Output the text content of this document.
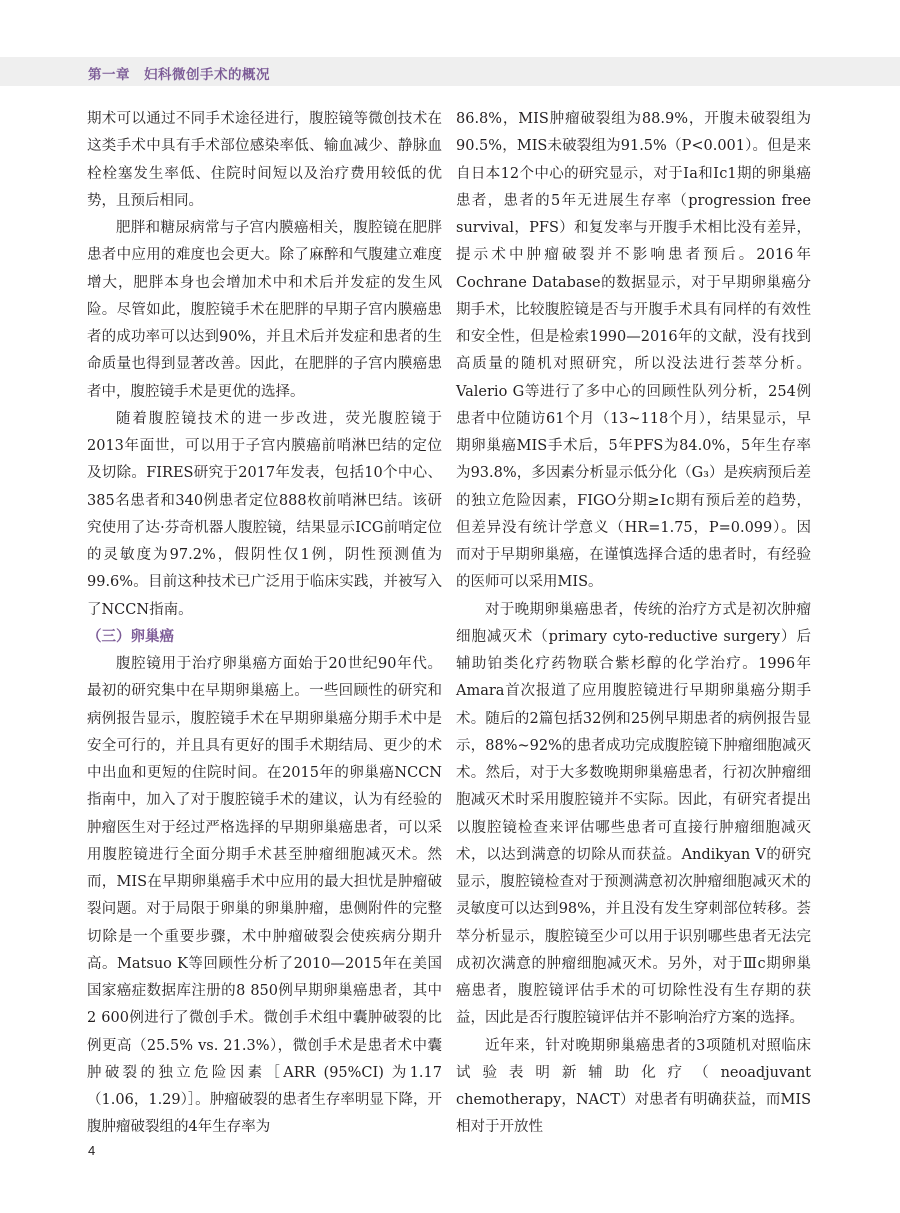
第一章　妇科微创手术的概况

期术可以通过不同手术途径进行，腹腔镜等微创技术在这类手术中具有手术部位感染率低、输血减少、静脉血栓栓塞发生率低、住院时间短以及治疗费用较低的优势，且预后相同。

肥胖和糖尿病常与子宫内膜癌相关，腹腔镜在肥胖患者中应用的难度也会更大。除了麻醉和气腹建立难度增大，肥胖本身也会增加术中和术后并发症的发生风险。尽管如此，腹腔镜手术在肥胖的早期子宫内膜癌患者的成功率可以达到90%，并且术后并发症和患者的生命质量也得到显著改善。因此，在肥胖的子宫内膜癌患者中，腹腔镜手术是更优的选择。

随着腹腔镜技术的进一步改进，荧光腹腔镜于2013年面世，可以用于子宫内膜癌前哨淋巴结的定位及切除。FIRES研究于2017年发表，包括10个中心、385名患者和340例患者定位888枚前哨淋巴结。该研究使用了达·芬奇机器人腹腔镜，结果显示ICG前哨定位的灵敏度为97.2%，假阴性仅1例，阴性预测值为99.6%。目前这种技术已广泛用于临床实践，并被写入了NCCN指南。

（三）卵巢癌

腹腔镜用于治疗卵巢癌方面始于20世纪90年代。最初的研究集中在早期卵巢癌上。一些回顾性的研究和病例报告显示，腹腔镜手术在早期卵巢癌分期手术中是安全可行的，并且具有更好的围手术期结局、更少的术中出血和更短的住院时间。在2015年的卵巢癌NCCN指南中，加入了对于腹腔镜手术的建议，认为有经验的肿瘤医生对于经过严格选择的早期卵巢癌患者，可以采用腹腔镜进行全面分期手术甚至肿瘤细胞减灭术。然而，MIS在早期卵巢癌手术中应用的最大担忧是肿瘤破裂问题。对于局限于卵巢的卵巢肿瘤，患侧附件的完整切除是一个重要步骤，术中肿瘤破裂会使疾病分期升高。Matsuo K等回顾性分析了2010—2015年在美国国家癌症数据库注册的8 850例早期卵巢癌患者，其中2 600例进行了微创手术。微创手术组中囊肿破裂的比例更高（25.5% vs. 21.3%），微创手术是患者术中囊肿破裂的独立危险因素［ARR (95%CI) 为1.17（1.06，1.29）］。肿瘤破裂的患者生存率明显下降，开腹肿瘤破裂组的4年生存率为

86.8%，MIS肿瘤破裂组为88.9%，开腹未破裂组为90.5%，MIS未破裂组为91.5%（P<0.001）。但是来自日本12个中心的研究显示，对于Ⅰa和Ⅰc1期的卵巢癌患者，患者的5年无进展生存率（progression free survival，PFS）和复发率与开腹手术相比没有差异，提示术中肿瘤破裂并不影响患者预后。2016年Cochrane Database的数据显示，对于早期卵巢癌分期手术，比较腹腔镜是否与开腹手术具有同样的有效性和安全性，但是检索1990—2016年的文献，没有找到高质量的随机对照研究，所以没法进行荟萃分析。Valerio G等进行了多中心的回顾性队列分析，254例患者中位随访61个月（13~118个月），结果显示，早期卵巢癌MIS手术后，5年PFS为84.0%，5年生存率为93.8%，多因素分析显示低分化（G₃）是疾病预后差的独立危险因素，FIGO分期≥Ⅰc期有预后差的趋势，但差异没有统计学意义（HR=1.75，P=0.099）。因而对于早期卵巢癌，在谨慎选择合适的患者时，有经验的医师可以采用MIS。

对于晚期卵巢癌患者，传统的治疗方式是初次肿瘤细胞减灭术（primary cyto-reductive surgery）后辅助铂类化疗药物联合紫杉醇的化学治疗。1996年Amara首次报道了应用腹腔镜进行早期卵巢癌分期手术。随后的2篇包括32例和25例早期患者的病例报告显示，88%~92%的患者成功完成腹腔镜下肿瘤细胞减灭术。然后，对于大多数晚期卵巢癌患者，行初次肿瘤细胞减灭术时采用腹腔镜并不实际。因此，有研究者提出以腹腔镜检查来评估哪些患者可直接行肿瘤细胞减灭术，以达到满意的切除从而获益。Andikyan V的研究显示，腹腔镜检查对于预测满意初次肿瘤细胞减灭术的灵敏度可以达到98%，并且没有发生穿刺部位转移。荟萃分析显示，腹腔镜至少可以用于识别哪些患者无法完成初次满意的肿瘤细胞减灭术。另外，对于Ⅲc期卵巢癌患者，腹腔镜评估手术的可切除性没有生存期的获益，因此是否行腹腔镜评估并不影响治疗方案的选择。

近年来，针对晚期卵巢癌患者的3项随机对照临床试验表明新辅助化疗（neoadjuvant chemotherapy，NACT）对患者有明确获益，而MIS相对于开放性

4
